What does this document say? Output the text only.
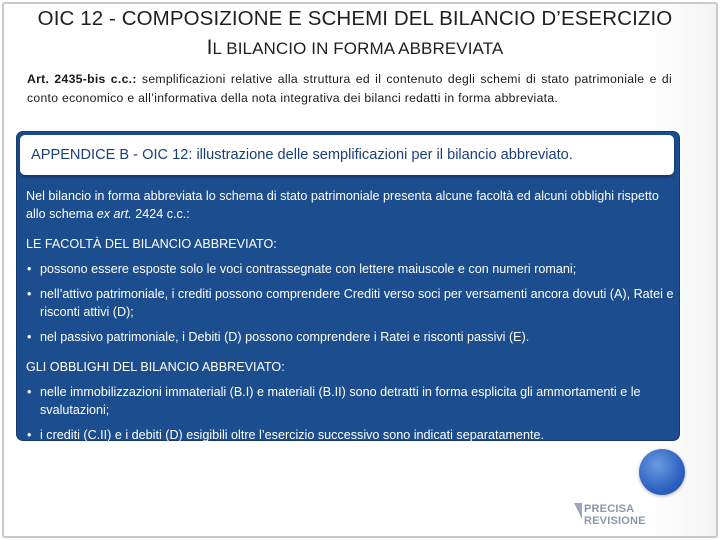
OIC 12 - COMPOSIZIONE E SCHEMI DEL BILANCIO D’ESERCIZIO
IL BILANCIO IN FORMA ABBREVIATA
Art. 2435-bis c.c.: semplificazioni relative alla struttura ed il contenuto degli schemi di stato patrimoniale e di conto economico e all’informativa della nota integrativa dei bilanci redatti in forma abbreviata.
APPENDICE B - OIC 12: illustrazione delle semplificazioni per il bilancio abbreviato.

Nel bilancio in forma abbreviata lo schema di stato patrimoniale presenta alcune facoltà ed alcuni obblighi rispetto allo schema ex art. 2424 c.c.:

LE FACOLTÀ DEL BILANCIO ABBREVIATO:

• possono essere esposte solo le voci contrassegnate con lettere maiuscole e con numeri romani;
• nell’attivo patrimoniale, i crediti possono comprendere Crediti verso soci per versamenti ancora dovuti (A), Ratei e risconti attivi (D);
• nel passivo patrimoniale, i Debiti (D) possono comprendere i Ratei e risconti passivi (E).

GLI OBBLIGHI DEL BILANCIO ABBREVIATO:

• nelle immobilizzazioni immateriali (B.I) e materiali (B.II) sono detratti in forma esplicita gli ammortamenti e le svalutazioni;
• i crediti (C.II) e i debiti (D) esigibili oltre l’esercizio successivo sono indicati separatamente.
PRECISA REVISIONE
